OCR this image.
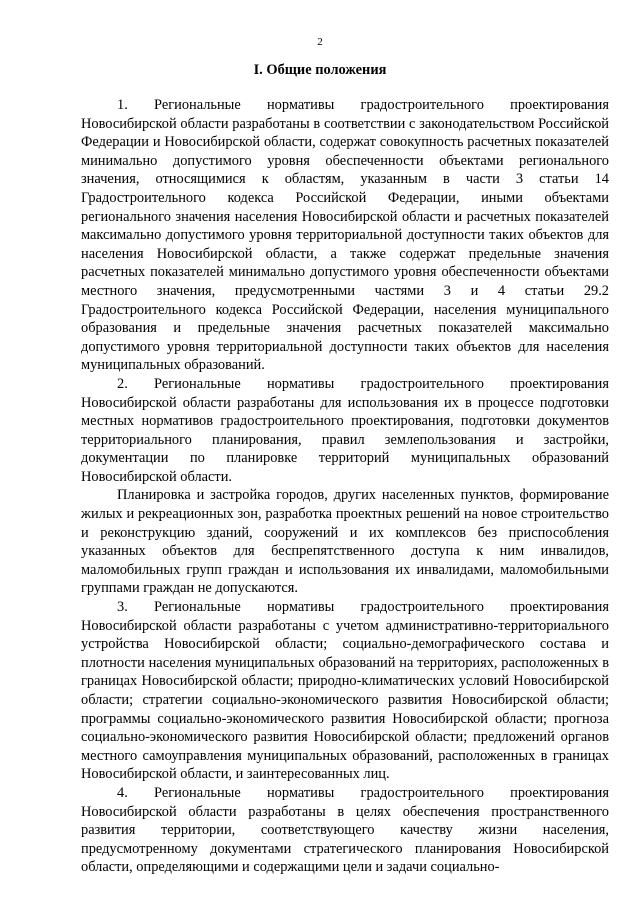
2
I. Общие положения

1. Региональные нормативы градостроительного проектирования Новосибирской области разработаны в соответствии с законодательством Российской Федерации и Новосибирской области, содержат совокупность расчетных показателей минимально допустимого уровня обеспеченности объектами регионального значения, относящимися к областям, указанным в части 3 статьи 14 Градостроительного кодекса Российской Федерации, иными объектами регионального значения населения Новосибирской области и расчетных показателей максимально допустимого уровня территориальной доступности таких объектов для населения Новосибирской области, а также содержат предельные значения расчетных показателей минимально допустимого уровня обеспеченности объектами местного значения, предусмотренными частями 3 и 4 статьи 29.2 Градостроительного кодекса Российской Федерации, населения муниципального образования и предельные значения расчетных показателей максимально допустимого уровня территориальной доступности таких объектов для населения муниципальных образований.

2. Региональные нормативы градостроительного проектирования Новосибирской области разработаны для использования их в процессе подготовки местных нормативов градостроительного проектирования, подготовки документов территориального планирования, правил землепользования и застройки, документации по планировке территорий муниципальных образований Новосибирской области.

Планировка и застройка городов, других населенных пунктов, формирование жилых и рекреационных зон, разработка проектных решений на новое строительство и реконструкцию зданий, сооружений и их комплексов без приспособления указанных объектов для беспрепятственного доступа к ним инвалидов, маломобильных групп граждан и использования их инвалидами, маломобильными группами граждан не допускаются.

3. Региональные нормативы градостроительного проектирования Новосибирской области разработаны с учетом административно-территориального устройства Новосибирской области; социально-демографического состава и плотности населения муниципальных образований на территориях, расположенных в границах Новосибирской области; природно-климатических условий Новосибирской области; стратегии социально-экономического развития Новосибирской области; программы социально-экономического развития Новосибирской области; прогноза социально-экономического развития Новосибирской области; предложений органов местного самоуправления муниципальных образований, расположенных в границах Новосибирской области, и заинтересованных лиц.

4. Региональные нормативы градостроительного проектирования Новосибирской области разработаны в целях обеспечения пространственного развития территории, соответствующего качеству жизни населения, предусмотренному документами стратегического планирования Новосибирской области, определяющими и содержащими цели и задачи социально-
